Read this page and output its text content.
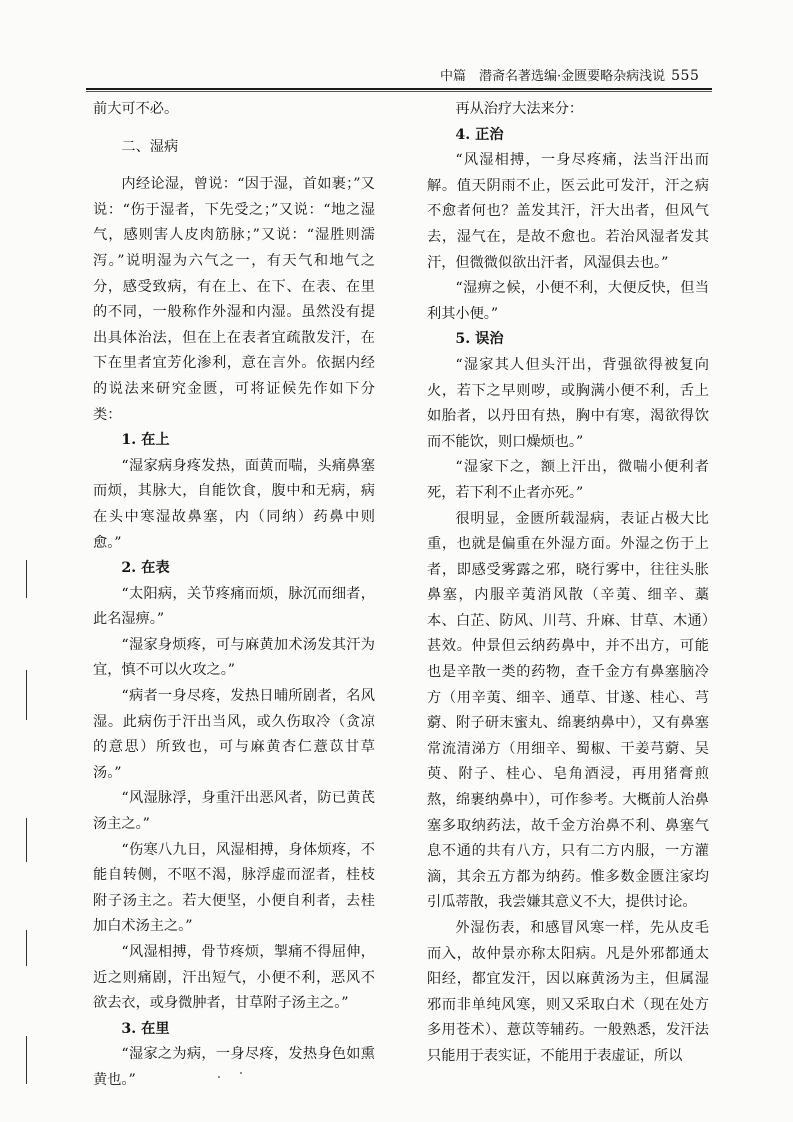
中篇　潜斋名著选编·金匮要略杂病浅说 555

前大可不必。

二、湿病

内经论湿，曾说：“因于湿，首如裹；”又说：“伤于湿者，下先受之；”又说：“地之湿气，感则害人皮肉筋脉；”又说：“湿胜则濡泻。”说明湿为六气之一，有天气和地气之分，感受致病，有在上、在下、在表、在里的不同，一般称作外湿和内湿。虽然没有提出具体治法，但在上在表者宜疏散发汗，在下在里者宜芳化渗利，意在言外。依据内经的说法来研究金匮，可将证候先作如下分类：

1. 在上

“湿家病身疼发热，面黄而喘，头痛鼻塞而烦，其脉大，自能饮食，腹中和无病，病在头中寒湿故鼻塞，内（同纳）药鼻中则愈。”

2. 在表

“太阳病，关节疼痛而烦，脉沉而细者，此名湿痹。”

“湿家身烦疼，可与麻黄加术汤发其汗为宜，慎不可以火攻之。”

“病者一身尽疼，发热日晡所剧者，名风湿。此病伤于汗出当风，或久伤取冷（贪凉的意思）所致也，可与麻黄杏仁薏苡甘草汤。”

“风湿脉浮，身重汗出恶风者，防已黄芪汤主之。”

“伤寒八九日，风湿相搏，身体烦疼，不能自转侧，不呕不渴，脉浮虚而涩者，桂枝附子汤主之。若大便坚，小便自利者，去桂加白术汤主之。”

“风湿相搏，骨节疼烦，掣痛不得屈伸，近之则痛剧，汗出短气，小便不利，恶风不欲去衣，或身微肿者，甘草附子汤主之。”

3. 在里

“湿家之为病，一身尽疼，发热身色如熏黄也。”

再从治疗大法来分：

4. 正治

“风湿相搏，一身尽疼痛，法当汗出而解。值天阴雨不止，医云此可发汗，汗之病不愈者何也？盖发其汗，汗大出者，但风气去，湿气在，是故不愈也。若治风湿者发其汗，但微微似欲出汗者，风湿俱去也。”

“湿痹之候，小便不利，大便反快，但当利其小便。”

5. 误治

“湿家其人但头汗出，背强欲得被复向火，若下之早则哕，或胸满小便不利，舌上如胎者，以丹田有热，胸中有寒，渴欲得饮而不能饮，则口燥烦也。”

“湿家下之，额上汗出，微喘小便利者死，若下利不止者亦死。”

很明显，金匮所载湿病，表证占极大比重，也就是偏重在外湿方面。外湿之伤于上者，即感受雾露之邪，晓行雾中，往往头胀鼻塞，内服辛荑消风散（辛荑、细辛、藁本、白芷、防风、川芎、升麻、甘草、木通）甚效。仲景但云纳药鼻中，并不出方，可能也是辛散一类的药物，查千金方有鼻塞脑冷方（用辛荑、细辛、通草、甘遂、桂心、芎藭、附子研末蜜丸、绵裹纳鼻中），又有鼻塞常流清涕方（用细辛、蜀椒、干姜芎藭、吴萸、附子、桂心、皂角酒浸，再用猪膏煎熬，绵裹纳鼻中），可作参考。大概前人治鼻塞多取纳药法，故千金方治鼻不利、鼻塞气息不通的共有八方，只有二方内服，一方灌滴，其余五方都为纳药。惟多数金匮注家均引瓜蒂散，我尝嫌其意义不大，提供讨论。

外湿伤表，和感冒风寒一样，先从皮毛而入，故仲景亦称太阳病。凡是外邪都通太阳经，都宜发汗，因以麻黄汤为主，但属湿邪而非单纯风寒，则又采取白术（现在处方多用苍术）、薏苡等辅药。一般熟悉，发汗法只能用于表实证，不能用于表虚证，所以
